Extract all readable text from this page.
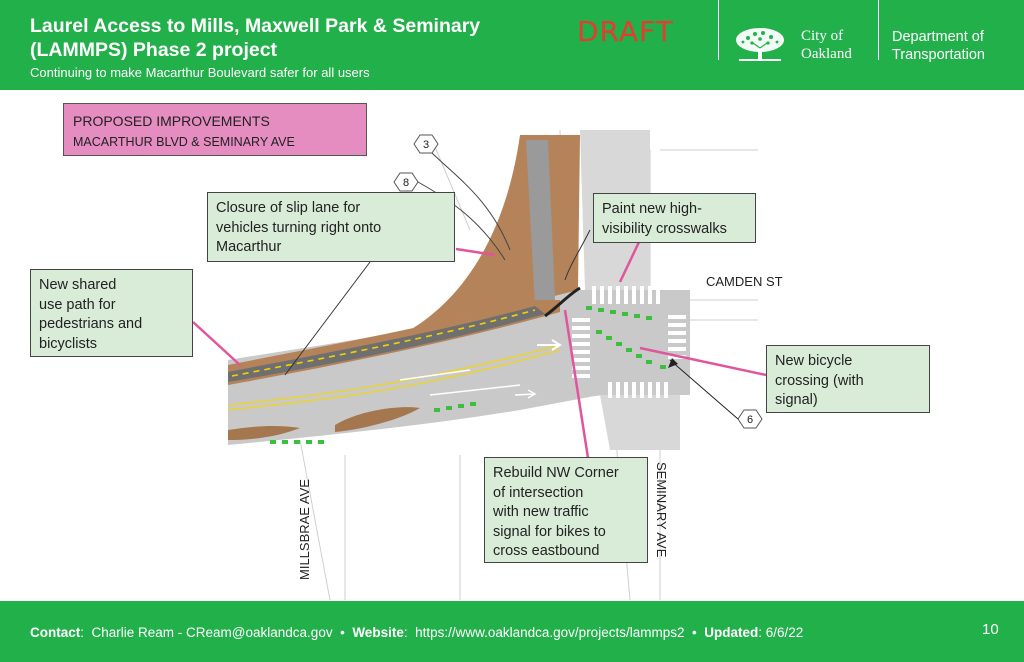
Laurel Access to Mills, Maxwell Park & Seminary
(LAMMPS) Phase 2 project
Continuing to make Macarthur Boulevard safer for all users
DRAFT	City of
Oakland
Department of
Transportation
3
8
6
CAMDEN ST
SEMINARY AVE
MILLSBRAE AVE
PROPOSED IMPROVEMENTS
MACARTHUR BLVD & SEMINARY AVE
Closure of slip lane for
vehicles turning right onto
Macarthur
Paint new high-
visibility crosswalks
New shared
use path for
pedestrians and
bicyclists
New bicycle
crossing (with
signal)
Rebuild NW Corner
of intersection
with new traffic
signal for bikes to
cross eastbound
Contact:  Charlie Ream - CReam@oaklandca.gov  •  Website:  https://www.oaklandca.gov/projects/lammps2  •  Updated: 6/6/22	10
